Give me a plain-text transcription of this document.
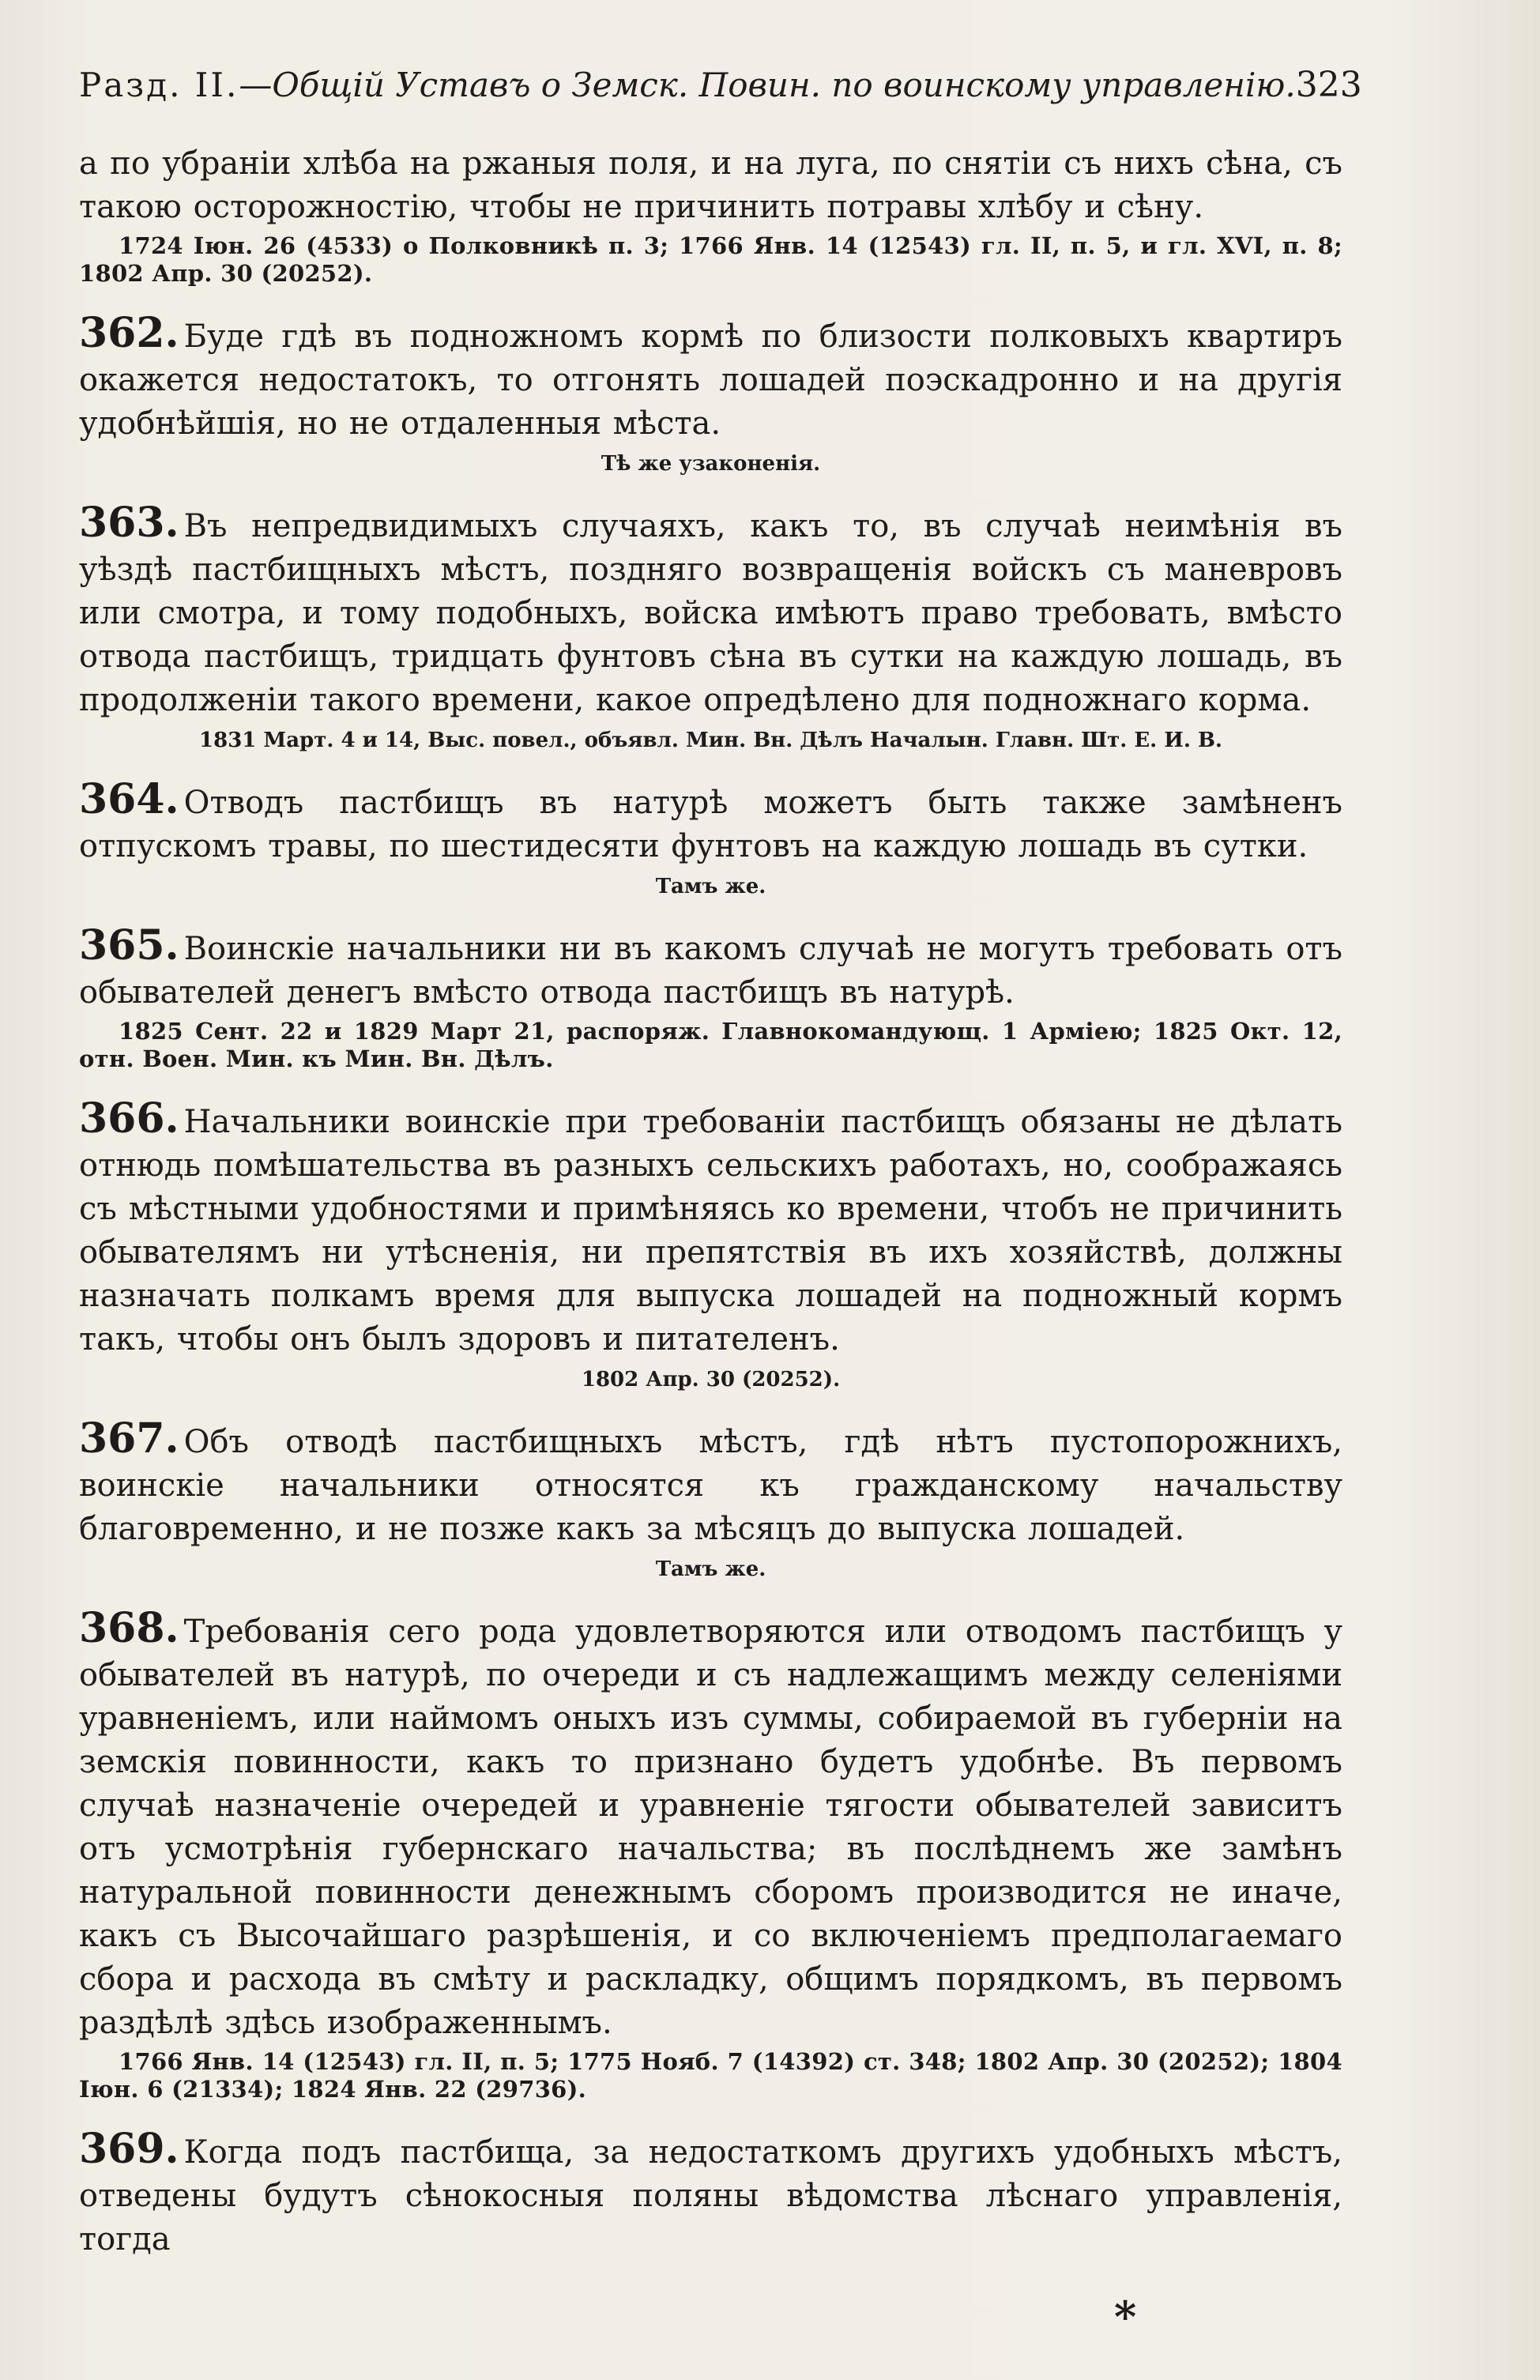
Разд. II.—Общій Уставъ о Земск. Повин. по воинскому управленію. 323

а по убраніи хлѣба на ржаныя поля, и на луга, по снятіи съ нихъ сѣна, съ такою осторожностію, чтобы не причинить потравы хлѣбу и сѣну.

1724 Іюн. 26 (4533) о Полковникѣ п. 3; 1766 Янв. 14 (12543) гл. II, п. 5, и гл. XVI, п. 8; 1802 Апр. 30 (20252).

362. Буде гдѣ въ подножномъ кормѣ по близости полковыхъ квартиръ окажется недостатокъ, то отгонять лошадей поэскадронно и на другія удобнѣйшія, но не отдаленныя мѣста.

Тѣ же узаконенія.

363. Въ непредвидимыхъ случаяхъ, какъ то, въ случаѣ неимѣнія въ уѣздѣ пастбищныхъ мѣстъ, поздняго возвращенія войскъ съ маневровъ или смотра, и тому подобныхъ, войска имѣютъ право требовать, вмѣсто отвода пастбищъ, тридцать фунтовъ сѣна въ сутки на каждую лошадь, въ продолженіи такого времени, какое опредѣлено для подножнаго корма.

1831 Март. 4 и 14, Выс. повел., объявл. Мин. Вн. Дѣлъ Началын. Главн. Шт. Е. И. В.

364. Отводъ пастбищъ въ натурѣ можетъ быть также замѣненъ отпускомъ травы, по шестидесяти фунтовъ на каждую лошадь въ сутки.

Тамъ же.

365. Воинскіе начальники ни въ какомъ случаѣ не могутъ требовать отъ обывателей денегъ вмѣсто отвода пастбищъ въ натурѣ.

1825 Сент. 22 и 1829 Март 21, распоряж. Главнокомандующ. 1 Арміею; 1825 Окт. 12, отн. Воен. Мин. къ Мин. Вн. Дѣлъ.

366. Начальники воинскіе при требованіи пастбищъ обязаны не дѣлать отнюдь помѣшательства въ разныхъ сельскихъ работахъ, но, соображаясь съ мѣстными удобностями и примѣняясь ко времени, чтобъ не причинить обывателямъ ни утѣсненія, ни препятствія въ ихъ хозяйствѣ, должны назначать полкамъ время для выпуска лошадей на подножный кормъ такъ, чтобы онъ былъ здоровъ и питателенъ.

1802 Апр. 30 (20252).

367. Объ отводѣ пастбищныхъ мѣстъ, гдѣ нѣтъ пустопорожнихъ, воинскіе начальники относятся къ гражданскому начальству благовременно, и не позже какъ за мѣсяцъ до выпуска лошадей.

Тамъ же.

368. Требованія сего рода удовлетворяются или отводомъ пастбищъ у обывателей въ натурѣ, по очереди и съ надлежащимъ между селеніями уравненіемъ, или наймомъ оныхъ изъ суммы, собираемой въ губерніи на земскія повинности, какъ то признано будетъ удобнѣе. Въ первомъ случаѣ назначеніе очередей и уравненіе тягости обывателей зависитъ отъ усмотрѣнія губернскаго начальства; въ послѣднемъ же замѣнъ натуральной повинности денежнымъ сборомъ производится не иначе, какъ съ Высочайшаго разрѣшенія, и со включеніемъ предполагаемаго сбора и расхода въ смѣту и раскладку, общимъ порядкомъ, въ первомъ раздѣлѣ здѣсь изображеннымъ.

1766 Янв. 14 (12543) гл. II, п. 5; 1775 Нояб. 7 (14392) ст. 348; 1802 Апр. 30 (20252); 1804 Іюн. 6 (21334); 1824 Янв. 22 (29736).

369. Когда подъ пастбища, за недостаткомъ другихъ удобныхъ мѣстъ, отведены будутъ сѣнокосныя поляны вѣдомства лѣснаго управленія, тогда

*
